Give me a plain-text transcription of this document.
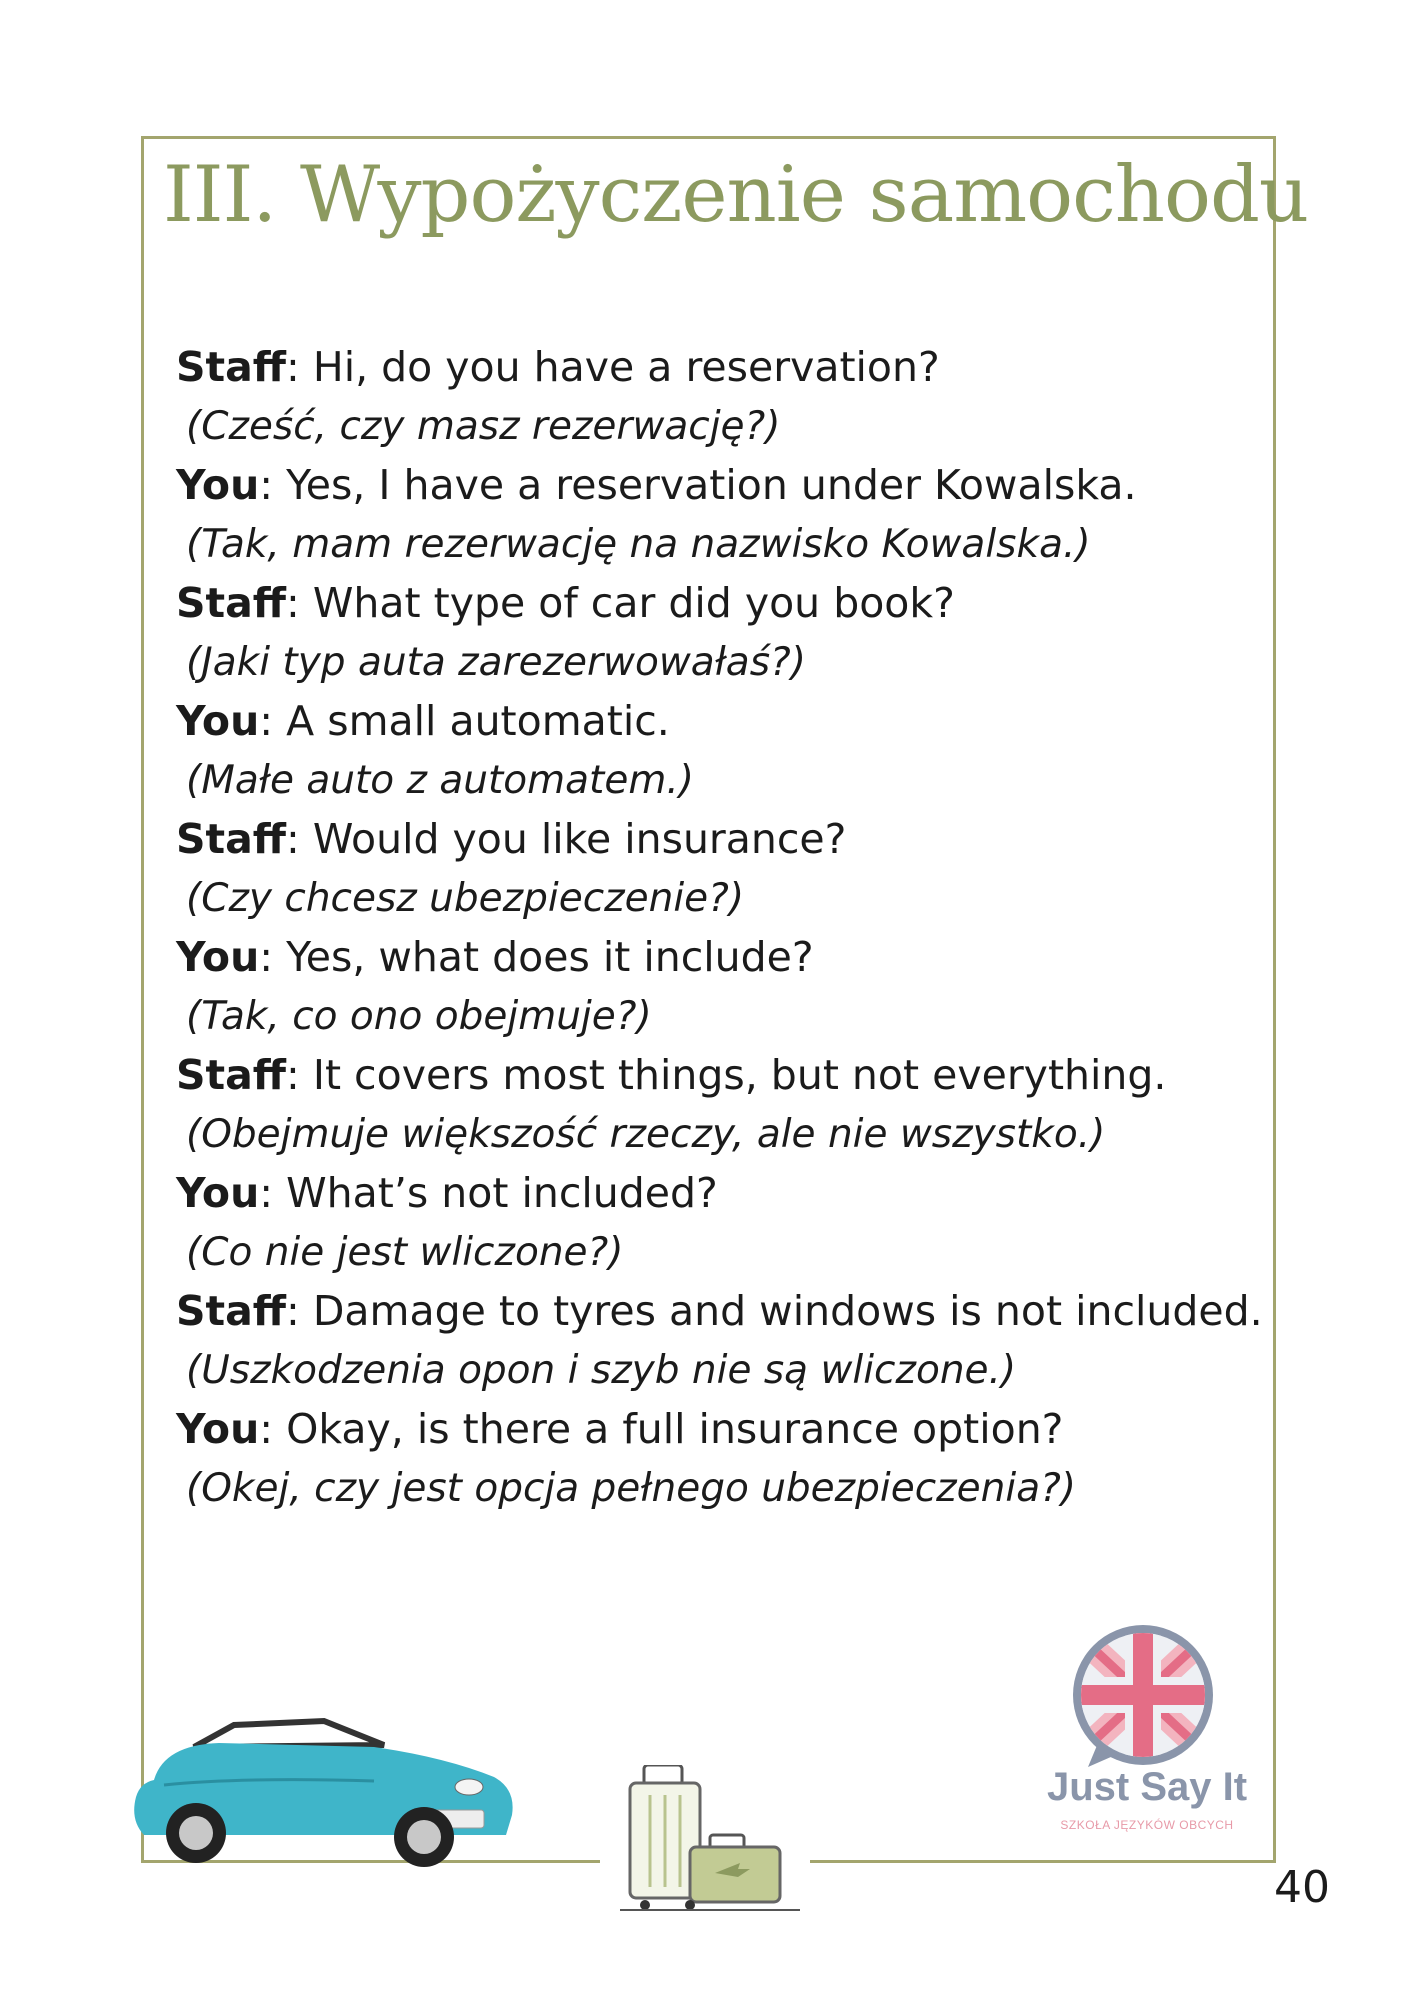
III. Wypożyczenie samochodu
Staff: Hi, do you have a reservation?
(Cześć, czy masz rezerwację?)
You: Yes, I have a reservation under Kowalska.
(Tak, mam rezerwację na nazwisko Kowalska.)
Staff: What type of car did you book?
(Jaki typ auta zarezerwowałaś?)
You: A small automatic.
(Małe auto z automatem.)
Staff: Would you like insurance?
(Czy chcesz ubezpieczenie?)
You: Yes, what does it include?
(Tak, co ono obejmuje?)
Staff: It covers most things, but not everything.
(Obejmuje większość rzeczy, ale nie wszystko.)
You: What’s not included?
(Co nie jest wliczone?)
Staff: Damage to tyres and windows is not included.
(Uszkodzenia opon i szyb nie są wliczone.)
You: Okay, is there a full insurance option?
(Okej, czy jest opcja pełnego ubezpieczenia?)
Just Say It
SZKOŁA JĘZYKÓW OBCYCH
40
